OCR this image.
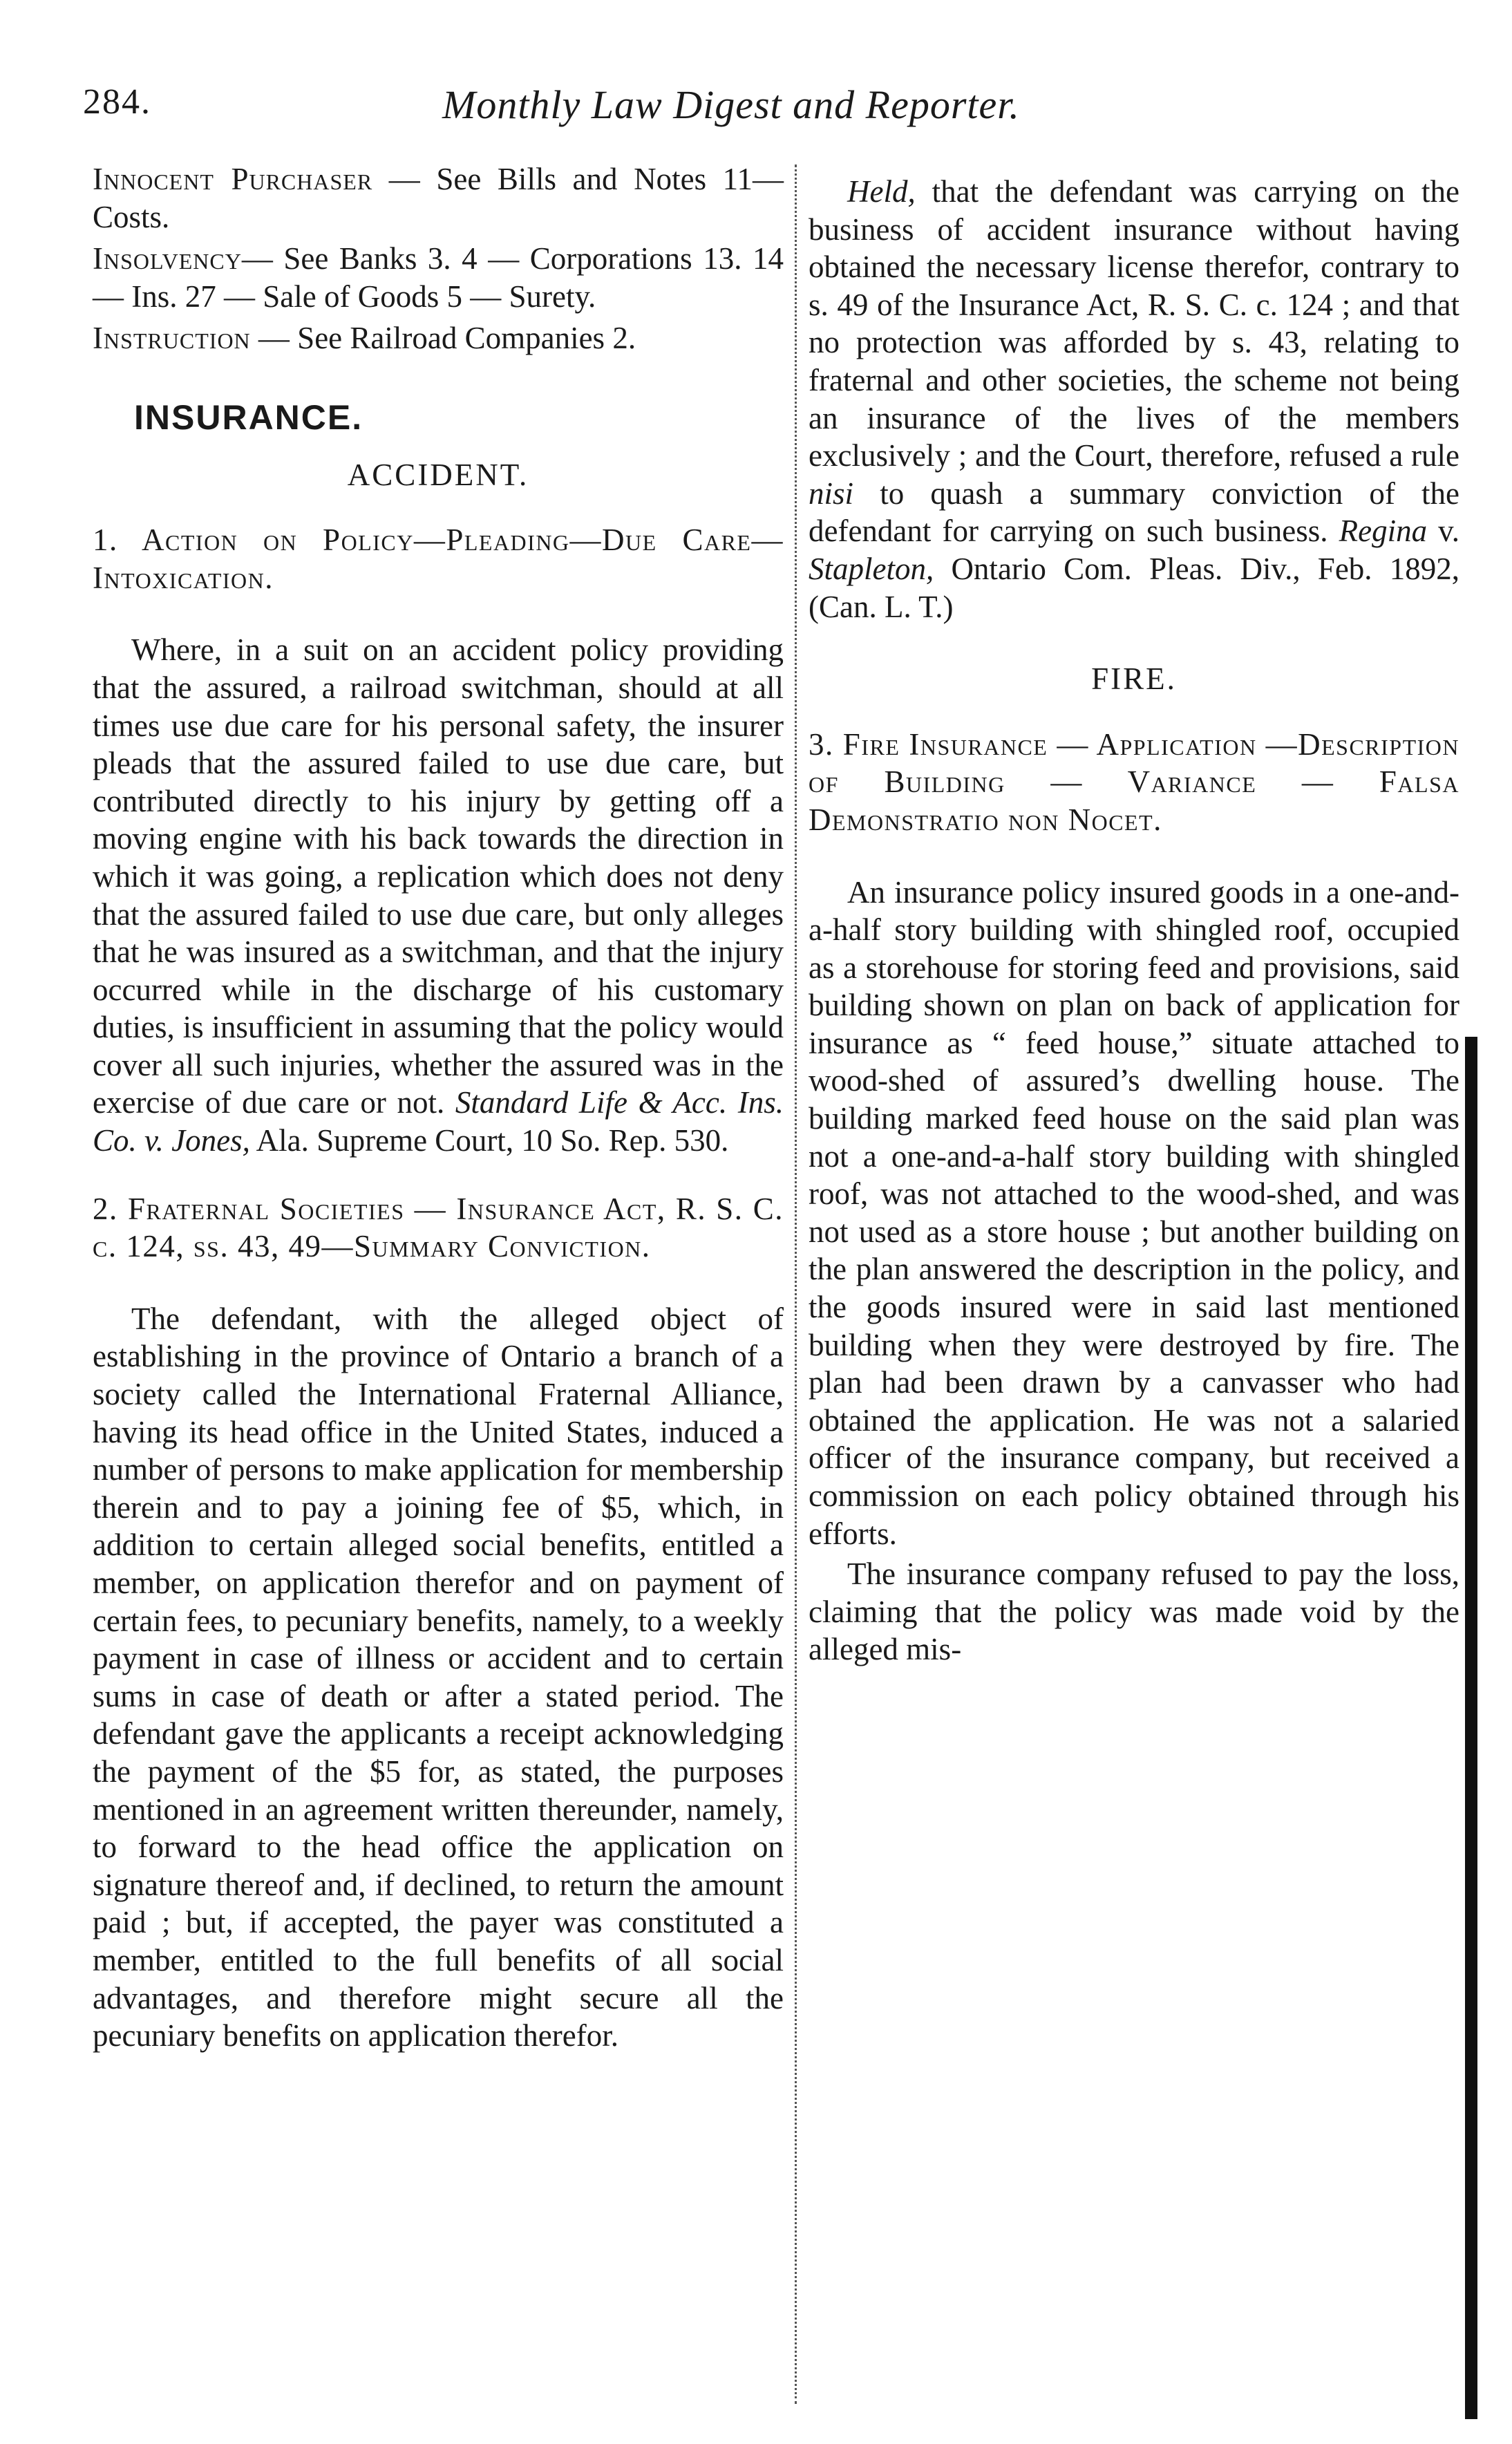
284.	Monthly Law Digest and Reporter.

Innocent Purchaser — See Bills and Notes 11— Costs.

Insolvency— See Banks 3. 4 — Corporations 13. 14 — Ins. 27 — Sale of Goods 5 — Surety.

Instruction — See Railroad Companies 2.

INSURANCE.
ACCIDENT.

1. Action on Policy—Pleading—Due Care—Intoxication.

Where, in a suit on an accident policy providing that the assured, a railroad switchman, should at all times use due care for his personal safety, the insurer pleads that the assured failed to use due care, but contributed directly to his injury by getting off a moving engine with his back towards the direction in which it was going, a replication which does not deny that the assured failed to use due care, but only alleges that he was insured as a switchman, and that the injury occurred while in the discharge of his customary duties, is insufficient in assuming that the policy would cover all such injuries, whether the assured was in the exercise of due care or not. Standard Life & Acc. Ins. Co. v. Jones, Ala. Supreme Court, 10 So. Rep. 530.

2. Fraternal Societies — Insurance Act, R. S. C. c. 124, ss. 43, 49—Summary Conviction.

The defendant, with the alleged object of establishing in the province of Ontario a branch of a society called the International Fraternal Alliance, having its head office in the United States, induced a number of persons to make application for membership therein and to pay a joining fee of $5, which, in addition to certain alleged social benefits, entitled a member, on application therefor and on payment of certain fees, to pecuniary benefits, namely, to a weekly payment in case of illness or accident and to certain sums in case of death or after a stated period. The defendant gave the applicants a receipt acknowledging the payment of the $5 for, as stated, the purposes mentioned in an agreement written thereunder, namely, to forward to the head office the application on signature thereof and, if declined, to return the amount paid ; but, if accepted, the payer was constituted a member, entitled to the full benefits of all social advantages, and therefore might secure all the pecuniary benefits on application therefor.

Held, that the defendant was carrying on the business of accident insurance without having obtained the necessary license therefor, contrary to s. 49 of the Insurance Act, R. S. C. c. 124 ; and that no protection was afforded by s. 43, relating to fraternal and other societies, the scheme not being an insurance of the lives of the members exclusively ; and the Court, therefore, refused a rule nisi to quash a summary conviction of the defendant for carrying on such business. Regina v. Stapleton, Ontario Com. Pleas. Div., Feb. 1892, (Can. L. T.)

FIRE.

3. Fire Insurance — Application —Description of Building — Variance — Falsa Demonstratio non Nocet.

An insurance policy insured goods in a one-and-a-half story building with shingled roof, occupied as a storehouse for storing feed and provisions, said building shown on plan on back of application for insurance as “ feed house,” situate attached to wood-shed of assured’s dwelling house. The building marked feed house on the said plan was not a one-and-a-half story building with shingled roof, was not attached to the wood-shed, and was not used as a store house ; but another building on the plan answered the description in the policy, and the goods insured were in said last mentioned building when they were destroyed by fire. The plan had been drawn by a canvasser who had obtained the application. He was not a salaried officer of the insurance company, but received a commission on each policy obtained through his efforts.

The insurance company refused to pay the loss, claiming that the policy was made void by the alleged mis-
